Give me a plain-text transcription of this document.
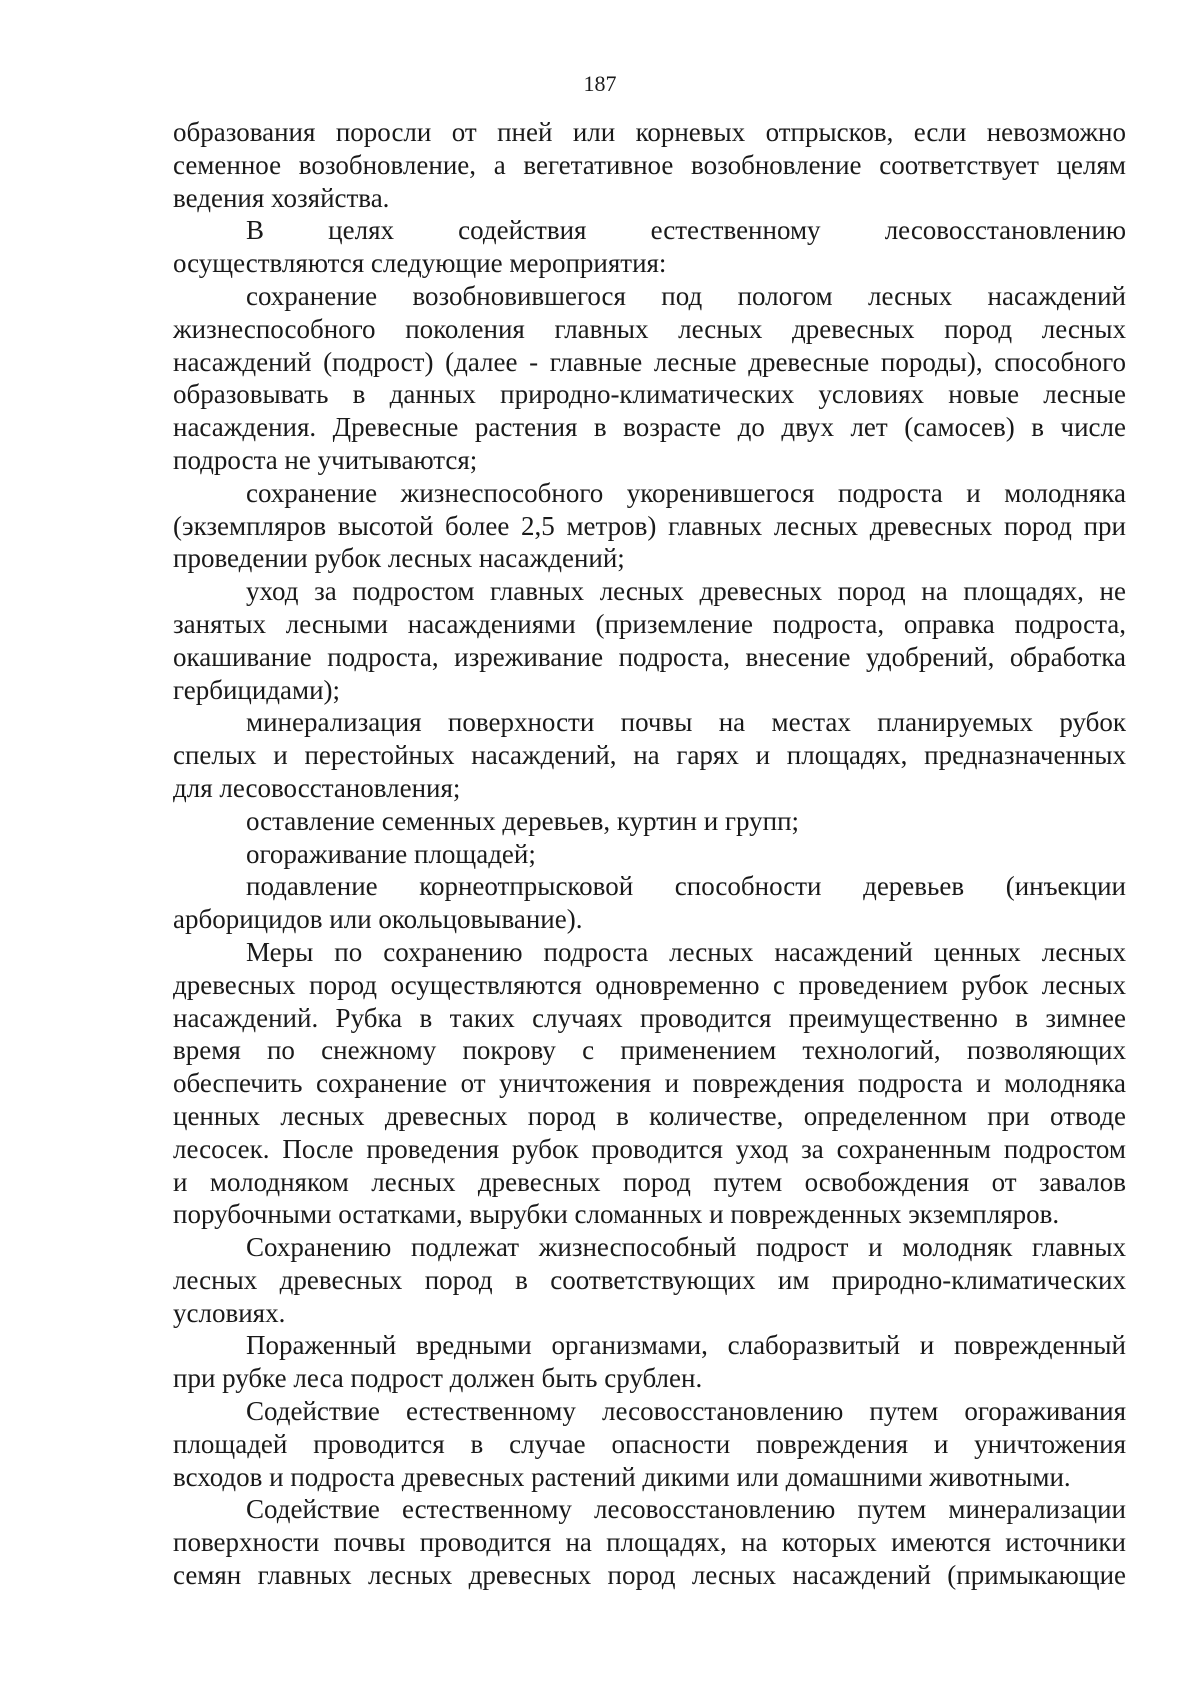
187
образования поросли от пней или корневых отпрысков, если невозможно
семенное возобновление, а вегетативное возобновление соответствует целям
ведения хозяйства.
В целях содействия естественному лесовосстановлению
осуществляются следующие мероприятия:
сохранение возобновившегося под пологом лесных насаждений
жизнеспособного поколения главных лесных древесных пород лесных
насаждений (подрост) (далее - главные лесные древесные породы), способного
образовывать в данных природно-климатических условиях новые лесные
насаждения. Древесные растения в возрасте до двух лет (самосев) в числе
подроста не учитываются;
сохранение жизнеспособного укоренившегося подроста и молодняка
(экземпляров высотой более 2,5 метров) главных лесных древесных пород при
проведении рубок лесных насаждений;
уход за подростом главных лесных древесных пород на площадях, не
занятых лесными насаждениями (приземление подроста, оправка подроста,
окашивание подроста, изреживание подроста, внесение удобрений, обработка
гербицидами);
минерализация поверхности почвы на местах планируемых рубок
спелых и перестойных насаждений, на гарях и площадях, предназначенных
для лесовосстановления;
оставление семенных деревьев, куртин и групп;
огораживание площадей;
подавление корнеотпрысковой способности деревьев (инъекции
арборицидов или окольцовывание).
Меры по сохранению подроста лесных насаждений ценных лесных
древесных пород осуществляются одновременно с проведением рубок лесных
насаждений. Рубка в таких случаях проводится преимущественно в зимнее
время по снежному покрову с применением технологий, позволяющих
обеспечить сохранение от уничтожения и повреждения подроста и молодняка
ценных лесных древесных пород в количестве, определенном при отводе
лесосек. После проведения рубок проводится уход за сохраненным подростом
и молодняком лесных древесных пород путем освобождения от завалов
порубочными остатками, вырубки сломанных и поврежденных экземпляров.
Сохранению подлежат жизнеспособный подрост и молодняк главных
лесных древесных пород в соответствующих им природно-климатических
условиях.
Пораженный вредными организмами, слаборазвитый и поврежденный
при рубке леса подрост должен быть срублен.
Содействие естественному лесовосстановлению путем огораживания
площадей проводится в случае опасности повреждения и уничтожения
всходов и подроста древесных растений дикими или домашними животными.
Содействие естественному лесовосстановлению путем минерализации
поверхности почвы проводится на площадях, на которых имеются источники
семян главных лесных древесных пород лесных насаждений (примыкающие
